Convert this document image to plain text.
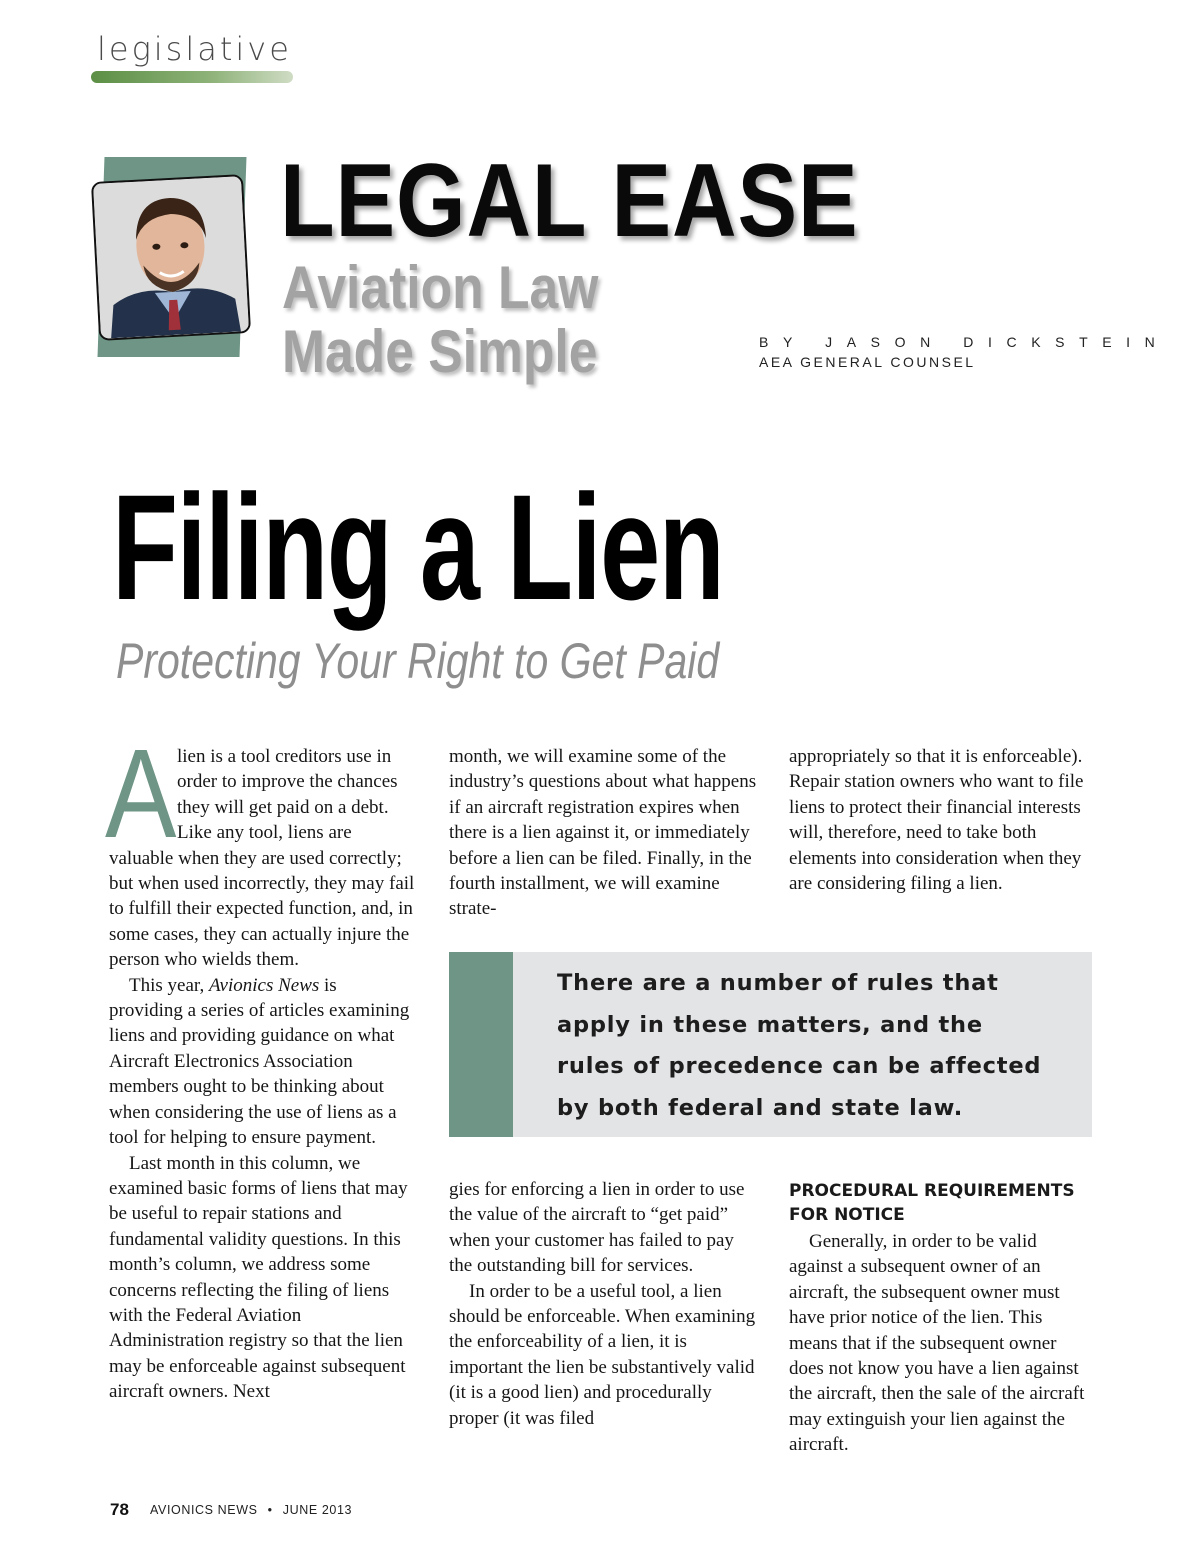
legislative
LEGAL EASE
Aviation Law
Made Simple	BY JASON DICKSTEIN
AEA GENERAL COUNSEL
Filing a Lien
Protecting Your Right to Get Paid

Alien is a tool creditors use in order to improve the chances they will get paid on a debt. Like any tool, liens are valuable when they are used correctly; but when used incorrectly, they may fail to fulfill their expected function, and, in some cases, they can actually injure the person who wields them.

This year, Avionics News is providing a series of articles examining liens and providing guidance on what Aircraft Electronics Association members ought to be thinking about when considering the use of liens as a tool for helping to ensure payment.

Last month in this column, we examined basic forms of liens that may be useful to repair stations and fundamental validity questions. In this month’s column, we address some concerns reflecting the filing of liens with the Federal Aviation Administration registry so that the lien may be enforceable against subsequent aircraft owners. Next

month, we will examine some of the industry’s questions about what happens if an aircraft registration expires when there is a lien against it, or immediately before a lien can be filed. Finally, in the fourth installment, we will examine strate-

appropriately so that it is enforceable). Repair station owners who want to file liens to protect their financial interests will, therefore, need to take both elements into consideration when they are considering filing a lien.

There are a number of rules that apply in these matters, and the rules of precedence can be affected by both federal and state law.

gies for enforcing a lien in order to use the value of the aircraft to “get paid” when your customer has failed to pay the outstanding bill for services.

In order to be a useful tool, a lien should be enforceable. When examining the enforceability of a lien, it is important the lien be substantively valid (it is a good lien) and procedurally proper (it was filed

PROCEDURAL REQUIREMENTS FOR NOTICE

Generally, in order to be valid against a subsequent owner of an aircraft, the subsequent owner must have prior notice of the lien. This means that if the subsequent owner does not know you have a lien against the aircraft, then the sale of the aircraft may extinguish your lien against the aircraft.

78 AVIONICS NEWS • JUNE 2013
